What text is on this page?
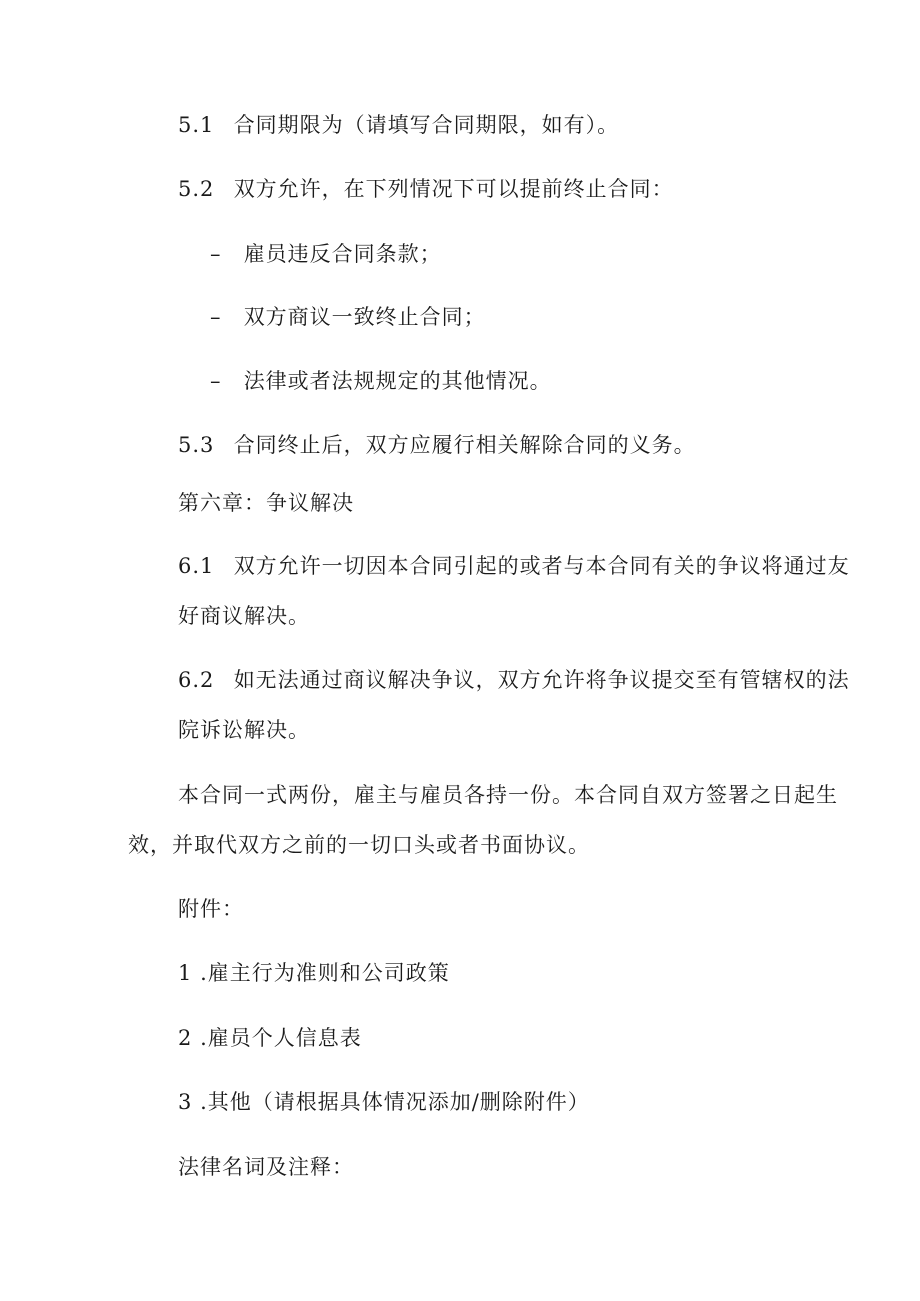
5.1 合同期限为（请填写合同期限，如有）。
5.2 双方允许，在下列情况下可以提前终止合同：
– 雇员违反合同条款；
– 双方商议一致终止合同；
– 法律或者法规规定的其他情况。
5.3 合同终止后，双方应履行相关解除合同的义务。
第六章：争议解决
6.1 双方允许一切因本合同引起的或者与本合同有关的争议将通过友
好商议解决。
6.2 如无法通过商议解决争议，双方允许将争议提交至有管辖权的法
院诉讼解决。
本合同一式两份，雇主与雇员各持一份。本合同自双方签署之日起生
效，并取代双方之前的一切口头或者书面协议。
附件：
1 .雇主行为准则和公司政策
2 .雇员个人信息表
3 .其他（请根据具体情况添加/删除附件）
法律名词及注释：
